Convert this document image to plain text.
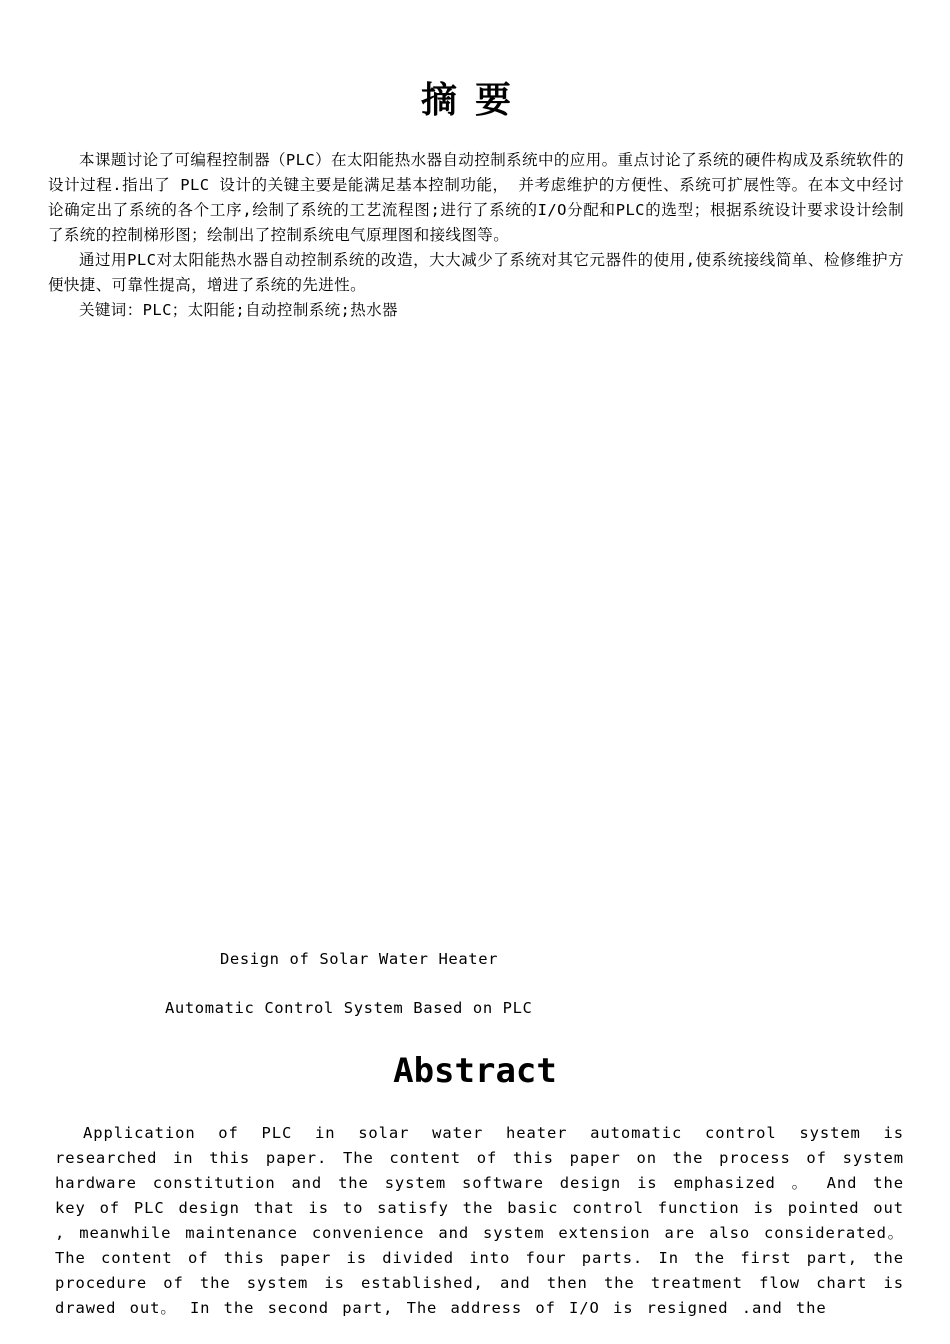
摘要

本课题讨论了可编程控制器（PLC）在太阳能热水器自动控制系统中的应用。重点讨论了系统的硬件构成及系统软件的设计过程.指出了 PLC 设计的关键主要是能满足基本控制功能， 并考虑维护的方便性、系统可扩展性等。在本文中经讨论确定出了系统的各个工序,绘制了系统的工艺流程图;进行了系统的I/O分配和PLC的选型；根据系统设计要求设计绘制了系统的控制梯形图；绘制出了控制系统电气原理图和接线图等。

通过用PLC对太阳能热水器自动控制系统的改造，大大减少了系统对其它元器件的使用,使系统接线简单、检修维护方便快捷、可靠性提高，增进了系统的先进性。

关键词：PLC；太阳能;自动控制系统;热水器

Design of Solar Water Heater

Automatic Control System Based on PLC

Abstract

Application of PLC in solar water heater automatic control system is researched in this paper. The content of this paper on the process of system hardware constitution and the system software design is emphasized 。 And the key of PLC design that is to satisfy the basic control function is pointed out , meanwhile maintenance convenience and system extension are also considerated。 The content of this paper is divided into four parts. In the first part, the procedure of the system is established, and then the treatment flow chart is drawed out。 In the second part, The address of I/O is resigned .and the
